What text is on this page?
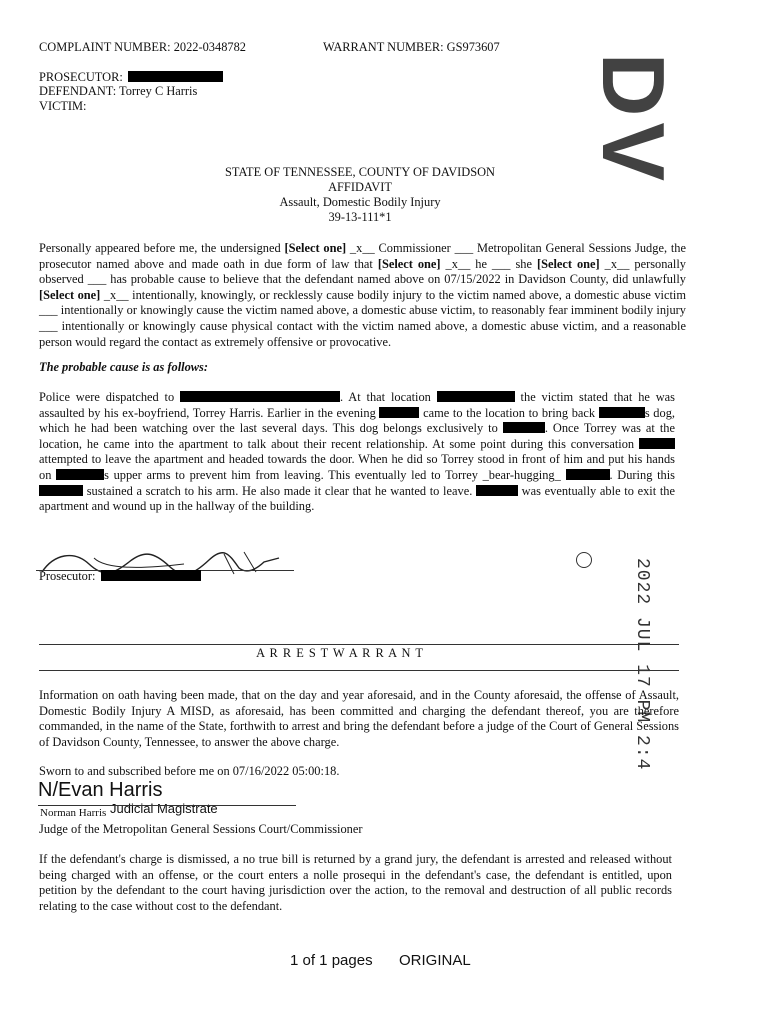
COMPLAINT NUMBER: 2022-0348782	WARRANT NUMBER: GS973607
PROSECUTOR:
DEFENDANT: Torrey C Harris
VICTIM:	DV
STATE OF TENNESSEE, COUNTY OF DAVIDSON
AFFIDAVIT
Assault, Domestic Bodily Injury
39-13-111*1
Personally appeared before me, the undersigned [Select one] _x__ Commissioner ___ Metropolitan General Sessions Judge, the prosecutor named above and made oath in due form of law that [Select one] _x__ he ___ she [Select one] _x__ personally observed ___ has probable cause to believe that the defendant named above on 07/15/2022 in Davidson County, did unlawfully [Select one] _x__ intentionally, knowingly, or recklessly cause bodily injury to the victim named above, a domestic abuse victim ___ intentionally or knowingly cause the victim named above, a domestic abuse victim, to reasonably fear imminent bodily injury ___ intentionally or knowingly cause physical contact with the victim named above, a domestic abuse victim, and a reasonable person would regard the contact as extremely offensive or provocative.
The probable cause is as follows:
Police were dispatched to	. At that location	the victim stated that he was assaulted by his ex-boyfriend, Torrey Harris. Earlier in the evening	came to the location to bring back	s dog, which he had been watching over the last several days. This dog belongs exclusively to	. Once Torrey was at the location, he came into the apartment to talk about their recent relationship. At some point during this conversation  attempted to leave the apartment and headed towards the door. When he did so Torrey stood in front of him and put his hands on	s upper arms to prevent him from leaving. This eventually led to Torrey _bear-hugging_	. During this  sustained a scratch to his arm. He also made it clear that he wanted to leave.	was eventually able to exit the apartment and wound up in the hallway of the building.
Prosecutor:	2022 JUL 17 PM 2:4
A R R E S T W A R R A N T
Information on oath having been made, that on the day and year aforesaid, and in the County aforesaid, the offense of Assault, Domestic Bodily Injury A MISD, as aforesaid, has been committed and charging the defendant thereof, you are therefore commanded, in the name of the State, forthwith to arrest and bring the defendant before a judge of the Court of General Sessions of Davidson County, Tennessee, to answer the above charge.
Sworn to and subscribed before me on 07/16/2022 05:00:18.
N/Evan Harris
Judicial Magistrate
Norman Harris
Judge of the Metropolitan General Sessions Court/Commissioner
If the defendant's charge is dismissed, a no true bill is returned by a grand jury, the defendant is arrested and released without being charged with an offense, or the court enters a nolle prosequi in the defendant's case, the defendant is entitled, upon petition by the defendant to the court having jurisdiction over the action, to the removal and destruction of all public records relating to the case without cost to the defendant.
1 of 1 pages ORIGINAL
